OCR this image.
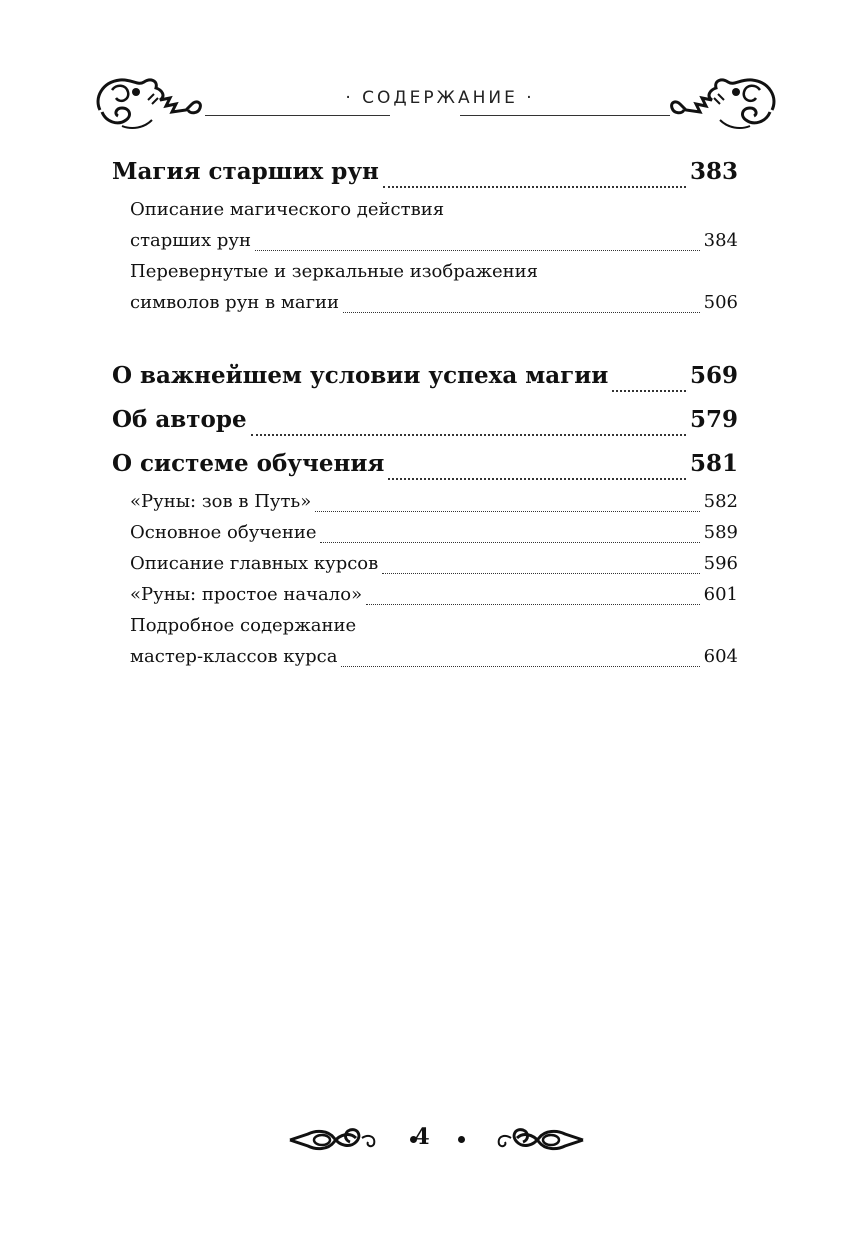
· СОДЕРЖАНИЕ ·
Магия старших рун	383
Описание магического действия
старших рун	384
Перевернутые и зеркальные изображения
символов рун в магии	506
О важнейшем условии успеха магии	569
Об авторе	579
О системе обучения	581
«Руны: зов в Путь»	582
Основное обучение	589
Описание главных курсов	596
«Руны: простое начало»	601
Подробное содержание
мастер-классов курса	604
4
